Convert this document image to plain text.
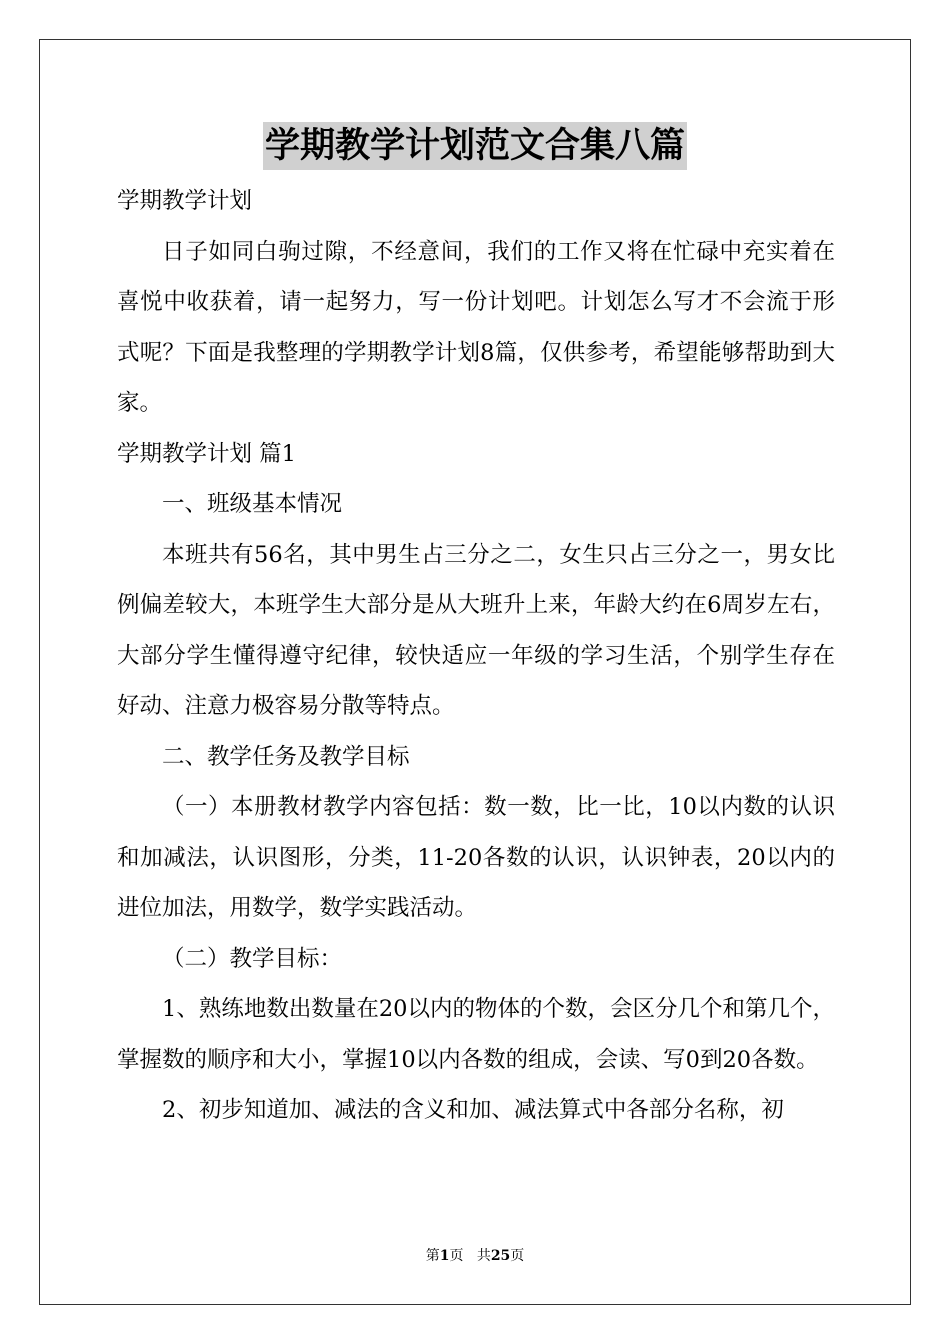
学期教学计划范文合集八篇

学期教学计划

日子如同白驹过隙，不经意间，我们的工作又将在忙碌中充实着在喜悦中收获着，请一起努力，写一份计划吧。计划怎么写才不会流于形式呢？下面是我整理的学期教学计划8篇，仅供参考，希望能够帮助到大家。

学期教学计划 篇1

一、班级基本情况

本班共有56名，其中男生占三分之二，女生只占三分之一，男女比例偏差较大，本班学生大部分是从大班升上来，年龄大约在6周岁左右，大部分学生懂得遵守纪律，较快适应一年级的学习生活，个别学生存在好动、注意力极容易分散等特点。

二、教学任务及教学目标

（一）本册教材教学内容包括：数一数，比一比，10以内数的认识和加减法，认识图形，分类，11-20各数的认识，认识钟表，20以内的进位加法，用数学，数学实践活动。

（二）教学目标：

1、熟练地数出数量在20以内的物体的个数，会区分几个和第几个，掌握数的顺序和大小，掌握10以内各数的组成，会读、写0到20各数。

2、初步知道加、减法的含义和加、减法算式中各部分名称，初

第1页 共25页
